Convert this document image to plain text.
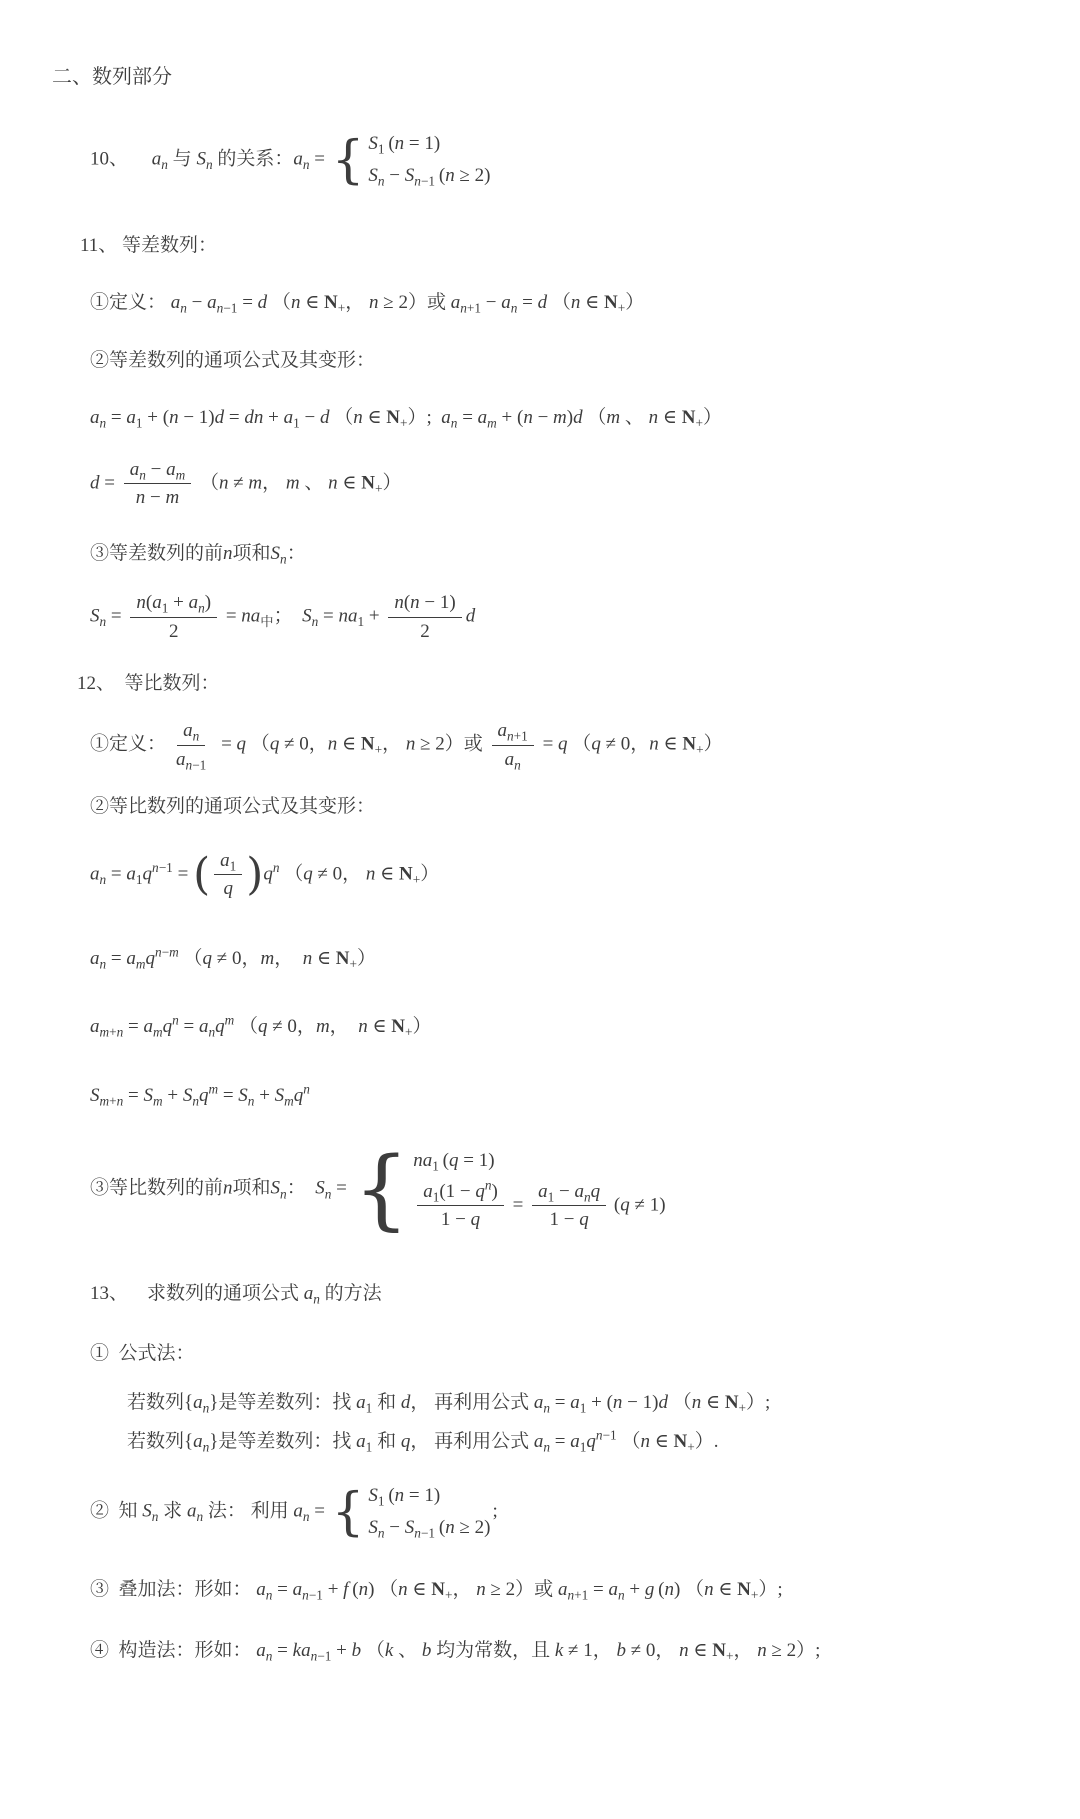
二、数列部分
10、     $a_n$ 与 $S_n$ 的关系：$a_n$ = { $S_1$ (n = 1)
$S_n - S_{n-1}$ (n ≥ 2)
11、 等差数列：
①定义： $a_n - a_{n-1} = d$ （n ∈ $N_+$， n ≥ 2）或 $a_{n+1} - a_n = d$ （n ∈ $N_+$）
②等差数列的通项公式及其变形：
$a_n = a_1 + (n - 1)d$ = dn + $a_1 - d$ （n ∈ $N_+$）;  $a_n = a_m + (n - m)d$ （m 、 n ∈ $N_+$）
$d = \frac{a_n - a_m}{n - m} (n \ne m$， m 、 n ∈ $N_+$）
③等差数列的前n项和$S_n$：
$S_n = \frac{n(a_1 + a_n)}{2} = na_中$；  $S_n = na_1 + \frac{n(n - 1)}{2}$ d
12、  等比数列：
①定义： $\frac{a_n}{a_{n-1}} = q$ （q ≠ 0，n ∈ $N_+$， n ≥ 2）或 $\frac{a_{n+1}}{a_n} = q$ （q ≠ 0，n ∈ $N_+$）
②等比数列的通项公式及其变形：
$a_n = a_1q^{n-1}$ = ( $\frac{a_1}{q}$ ) $q^n$ （q ≠ 0， n ∈ $N_+$）
$a_n = a_mq^{n-m}$ （q ≠ 0，m，  n ∈ $N_+$）
$a_{m+n} = a_mq^n = a_nq^m$ （q ≠ 0，m，  n ∈ $N_+$）
$S_{m+n} = S_m + S_nq^m = S_n + S_mq^n$
③等比数列的前n项和$S_n$：  $S_n$ = { $na_1$ (q = 1)
$\frac{a_1(1 - q^n)}{1 - q} = \frac{a_1 - a_nq}{1 - q} (q \ne 1)$
13、    求数列的通项公式 $a_n$ 的方法
①  公式法：
若数列$\{a_n\}$是等差数列：找 $a_1$ 和 d， 再利用公式 $a_n = a_1 + (n - 1)d$ （n ∈ $N_+$）;
若数列$\{a_n\}$是等差数列：找 $a_1$ 和 q， 再利用公式 $a_n = a_1q^{n-1}$ （n ∈ $N_+$）.
②  知 $S_n$ 求 $a_n$ 法： 利用 $a_n$ = { $S_1$ (n = 1)
$S_n - S_{n-1}$ (n ≥ 2)
;
③  叠加法：形如： $a_n = a_{n-1} + f$ (n) （n ∈ $N_+$， n ≥ 2）或 $a_{n+1} = a_n + g$ (n) （n ∈ $N_+$）;
④  构造法：形如： $a_n = ka_{n-1} + b$ （k 、 b 均为常数，且 k ≠ 1， b ≠ 0， n ∈ $N_+$， n ≥ 2）;
